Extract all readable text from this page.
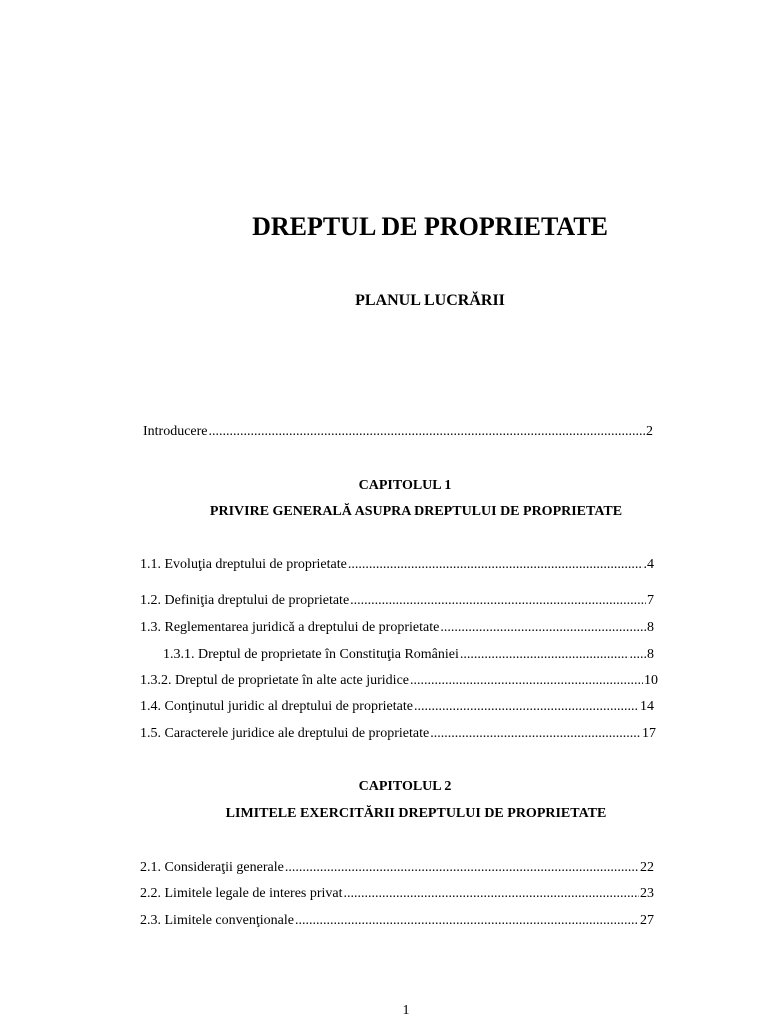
DREPTUL DE PROPRIETATE
PLANUL LUCRĂRII
Introducere .....	2
CAPITOLUL 1
PRIVIRE GENERALĂ ASUPRA DREPTULUI DE PROPRIETATE
1.1. Evoluţia dreptului de proprietate .....	.4
1.2. Definiţia dreptului de proprietate .....	7
1.3. Reglementarea juridică a dreptului de proprietate .....	.....8
1.3.1. Dreptul de proprietate în Constituţia României .....	.....8
1.3.2. Dreptul de proprietate în alte acte juridice .....	10
1.4. Conţinutul juridic al dreptului de proprietate .....	14
1.5. Caracterele juridice ale dreptului de proprietate .....	17
CAPITOLUL 2
LIMITELE EXERCITĂRII DREPTULUI DE PROPRIETATE
2.1. Consideraţii generale .....	22
2.2. Limitele legale de interes privat .....	23
2.3. Limitele convenţionale .....	27
1
